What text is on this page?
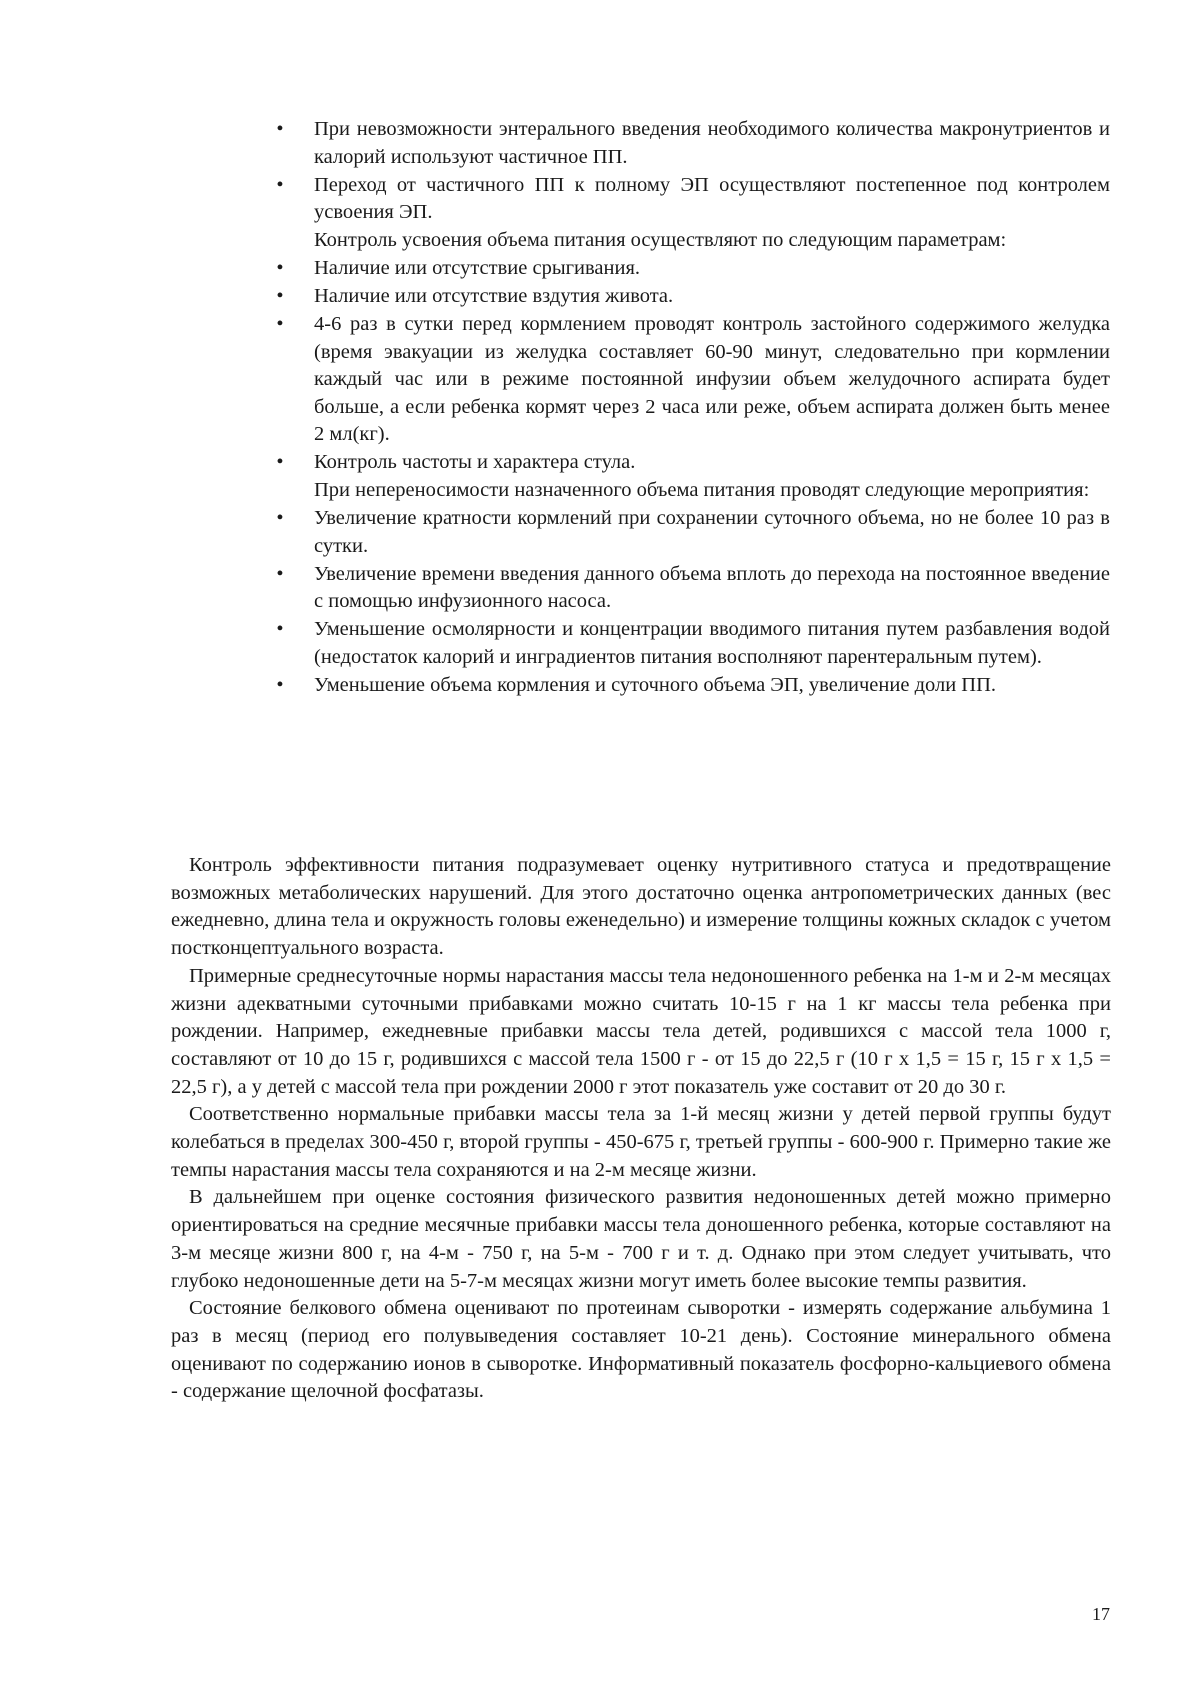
•	При невозможности энтерального введения необходимого количества макронутриентов и калорий используют частичное ПП.
•	Переход от частичного ПП к полному ЭП осуществляют постепенное под контролем усвоения ЭП.
Контроль усвоения объема питания осуществляют по следующим параметрам:
•	Наличие или отсутствие срыгивания.
•	Наличие или отсутствие вздутия живота.
•	4-6 раз в сутки перед кормлением проводят контроль застойного содержимого желудка (время эвакуации из желудка составляет 60-90 минут, следовательно при кормлении каждый час или в режиме постоянной инфузии объем желудочного аспирата будет больше, а если ребенка кормят через 2 часа или реже, объем аспирата должен быть менее 2 мл(кг).
•	Контроль частоты и характера стула.
При непереносимости назначенного объема питания проводят следующие мероприятия:
•	Увеличение кратности кормлений при сохранении суточного объема, но не более 10 раз в сутки.
•	Увеличение времени введения данного объема вплоть до перехода на постоянное введение с помощью инфузионного насоса.
•	Уменьшение осмолярности и концентрации вводимого питания путем разбавления водой (недостаток калорий и ингрaдиентов питания восполняют парентеральным путем).
•	Уменьшение объема кормления и суточного объема ЭП, увеличение доли ПП.

Контроль эффективности питания подразумевает оценку нутритивного статуса и предотвращение возможных метаболических нарушений. Для этого достаточно оценка антропометрических данных (вес ежедневно, длина тела и окружность головы еженедельно) и измерение толщины кожных складок с учетом постконцептуального возраста.

Примерные среднесуточные нормы нарастания массы тела недоношенного ребенка на 1-м и 2-м месяцах жизни адекватными суточными прибавками можно считать 10-15 г на 1 кг массы тела ребенка при рождении. Например, ежедневные прибавки массы тела детей, родившихся с массой тела 1000 г, составляют от 10 до 15 г, родившихся с массой тела 1500 г - от 15 до 22,5 г (10 г х 1,5 = 15 г, 15 г х 1,5 = 22,5 г), а у детей с массой тела при рождении 2000 г этот показатель уже составит от 20 до 30 г.

Соответственно нормальные прибавки массы тела за 1-й месяц жизни у детей первой группы будут колебаться в пределах 300-450 г, второй группы - 450-675 г, третьей группы - 600-900 г. Примерно такие же темпы нарастания массы тела сохраняются и на 2-м месяце жизни.

В дальнейшем при оценке состояния физического развития недоношенных детей можно примерно ориентироваться на средние месячные прибавки массы тела доношенного ребенка, которые составляют на 3-м месяце жизни 800 г, на 4-м - 750 г, на 5-м - 700 г и т. д. Однако при этом следует учитывать, что глубоко недоношенные дети на 5-7-м месяцах жизни могут иметь более высокие темпы развития.

Состояние белкового обмена оценивают по протеинам сыворотки - измерять содержание альбумина 1 раз в месяц (период его полувыведения составляет 10-21 день). Состояние минерального обмена оценивают по содержанию ионов в сыворотке. Информативный показатель фосфорно-кальциевого обмена - содержание щелочной фосфатазы.

17
